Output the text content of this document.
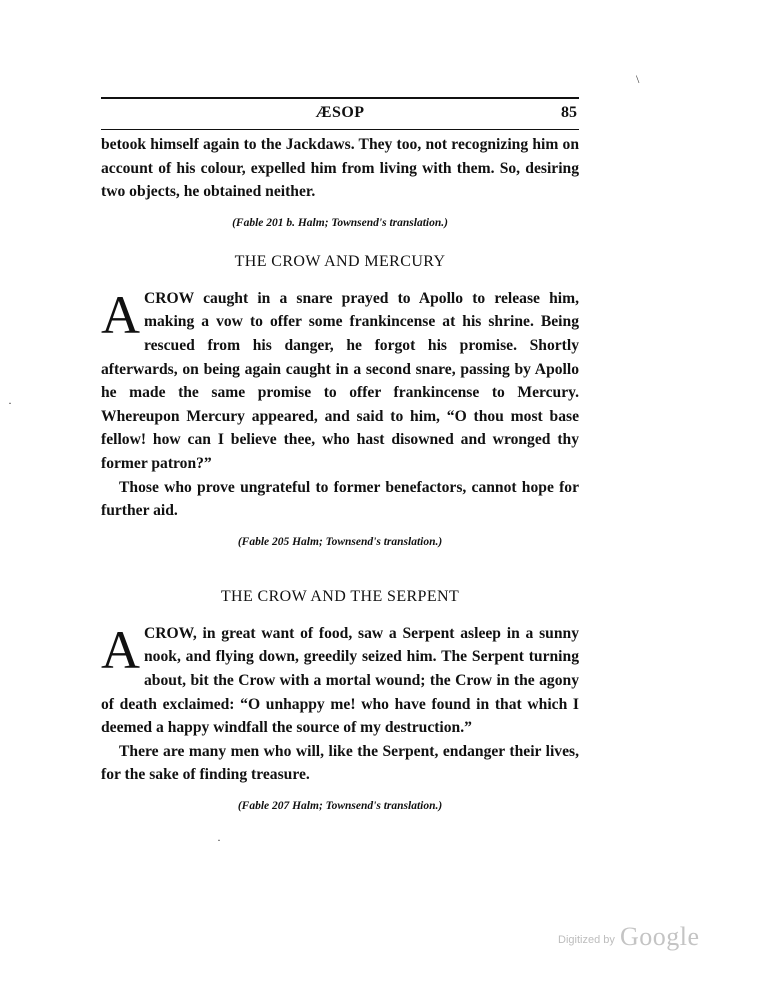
\
·
·
ÆSOP	85

betook himself again to the Jackdaws. They too, not recognizing him on account of his colour, expelled him from living with them. So, desiring two objects, he obtained neither.

(Fable 201 b. Halm; Townsend's translation.)

THE CROW AND MERCURY

ACROW caught in a snare prayed to Apollo to release him, making a vow to offer some frankincense at his shrine. Being rescued from his danger, he forgot his promise. Shortly afterwards, on being again caught in a second snare, passing by Apollo he made the same promise to offer frankincense to Mercury. Whereupon Mercury appeared, and said to him, “O thou most base fellow! how can I believe thee, who hast disowned and wronged thy former patron?”

Those who prove ungrateful to former benefactors, cannot hope for further aid.

(Fable 205 Halm; Townsend's translation.)

THE CROW AND THE SERPENT

ACROW, in great want of food, saw a Serpent asleep in a sunny nook, and flying down, greedily seized him. The Serpent turning about, bit the Crow with a mortal wound; the Crow in the agony of death exclaimed: “O unhappy me! who have found in that which I deemed a happy windfall the source of my destruction.”

There are many men who will, like the Serpent, endanger their lives, for the sake of finding treasure.

(Fable 207 Halm; Townsend's translation.)

Digitized by Google
